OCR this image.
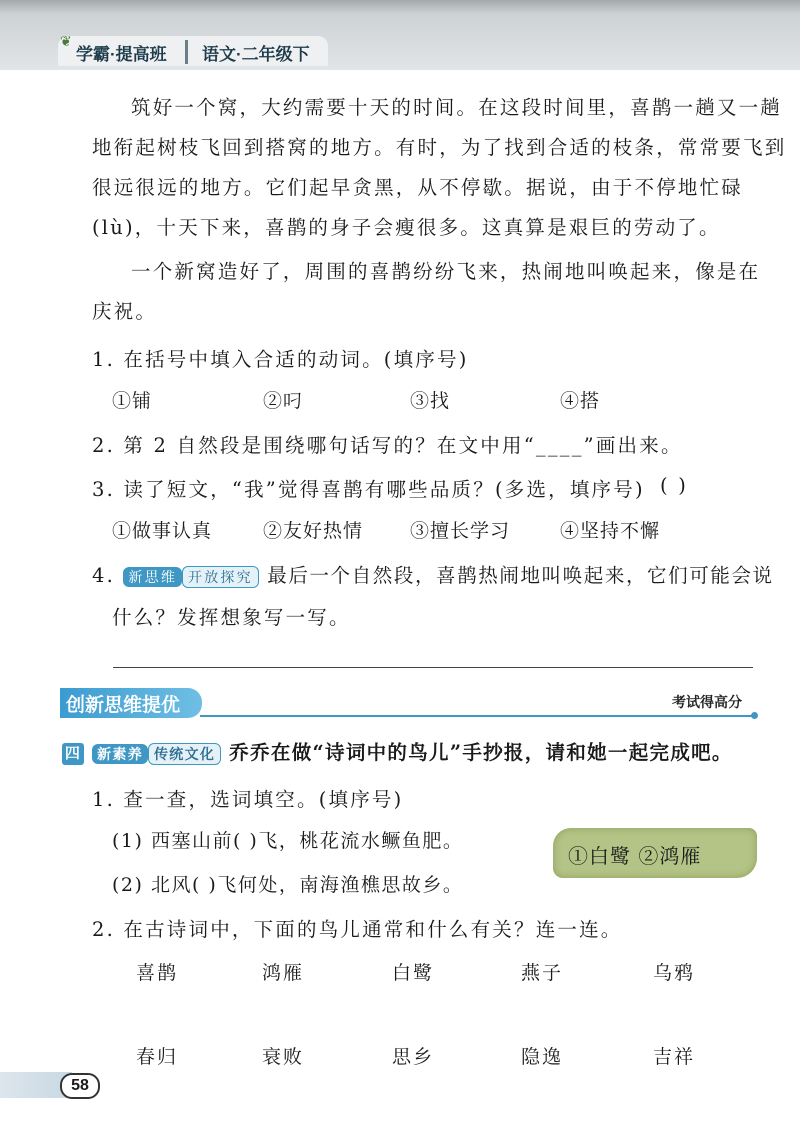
❦
学霸·提高班 语文·二年级下
筑好一个窝，大约需要十天的时间。在这段时间里，喜鹊一趟又一趟
地衔起树枝飞回到搭窝的地方。有时，为了找到合适的枝条，常常要飞到
很远很远的地方。它们起早贪黑，从不停歇。据说，由于不停地忙碌
(lù)，十天下来，喜鹊的身子会瘦很多。这真算是艰巨的劳动了。
一个新窝造好了，周围的喜鹊纷纷飞来，热闹地叫唤起来，像是在
庆祝。
1. 在括号中填入合适的动词。(填序号)
①铺	②叼	③找	④搭
2. 第 2 自然段是围绕哪句话写的？在文中用“____”画出来。
3. 读了短文，“我”觉得喜鹊有哪些品质？(多选，填序号) ( )
①做事认真	②友好热情 ③擅长学习	④坚持不懈
4. 新思维 开放探究 最后一个自然段，喜鹊热闹地叫唤起来，它们可能会说
什么？发挥想象写一写。
创新思维提优	考试得高分
四 新素养 传统文化 乔乔在做“诗词中的鸟儿”手抄报，请和她一起完成吧。
1. 查一查，选词填空。(填序号)
(1) 西塞山前( )飞，桃花流水鳜鱼肥。
(2) 北风( )飞何处，南海渔樵思故乡。
①白鹭 ②鸿雁
2. 在古诗词中，下面的鸟儿通常和什么有关？连一连。
喜鹊	鸿雁	白鹭	燕子	乌鸦
春归	衰败	思乡	隐逸	吉祥
58
